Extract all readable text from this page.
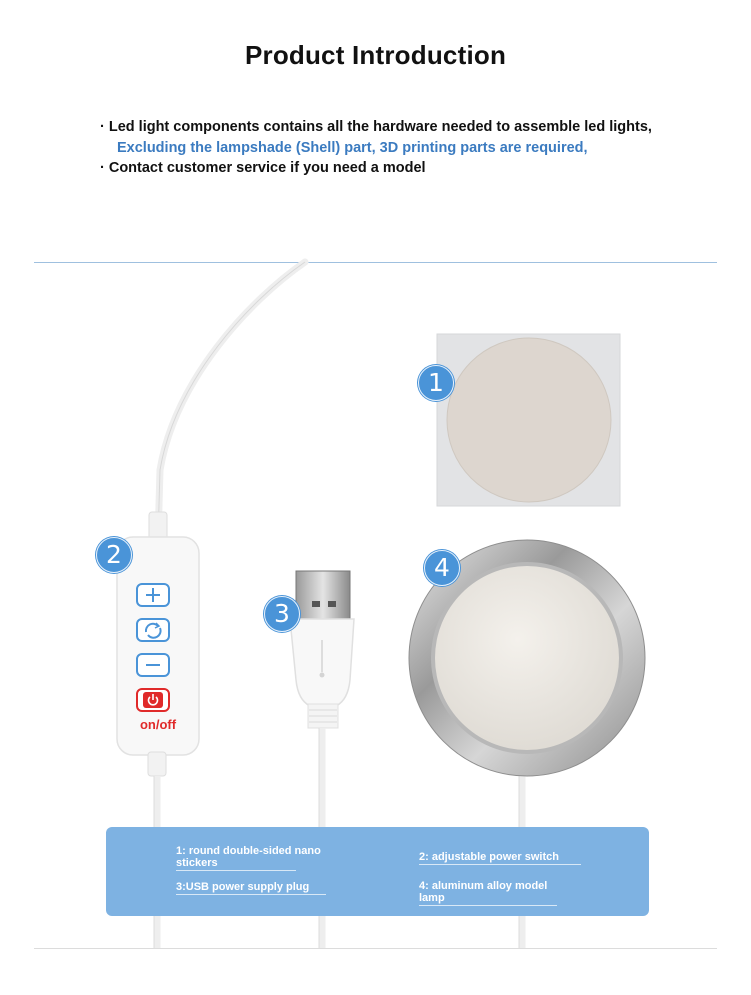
Product Introduction
· Led light components contains all the hardware needed to assemble led lights,
Excluding the lampshade (Shell) part, 3D printing parts are required,
· Contact customer service if you need a model
1
2
3
4
on/off
1: round double-sided nano stickers	2: adjustable power switch
3:USB power supply plug	4: aluminum alloy model lamp
